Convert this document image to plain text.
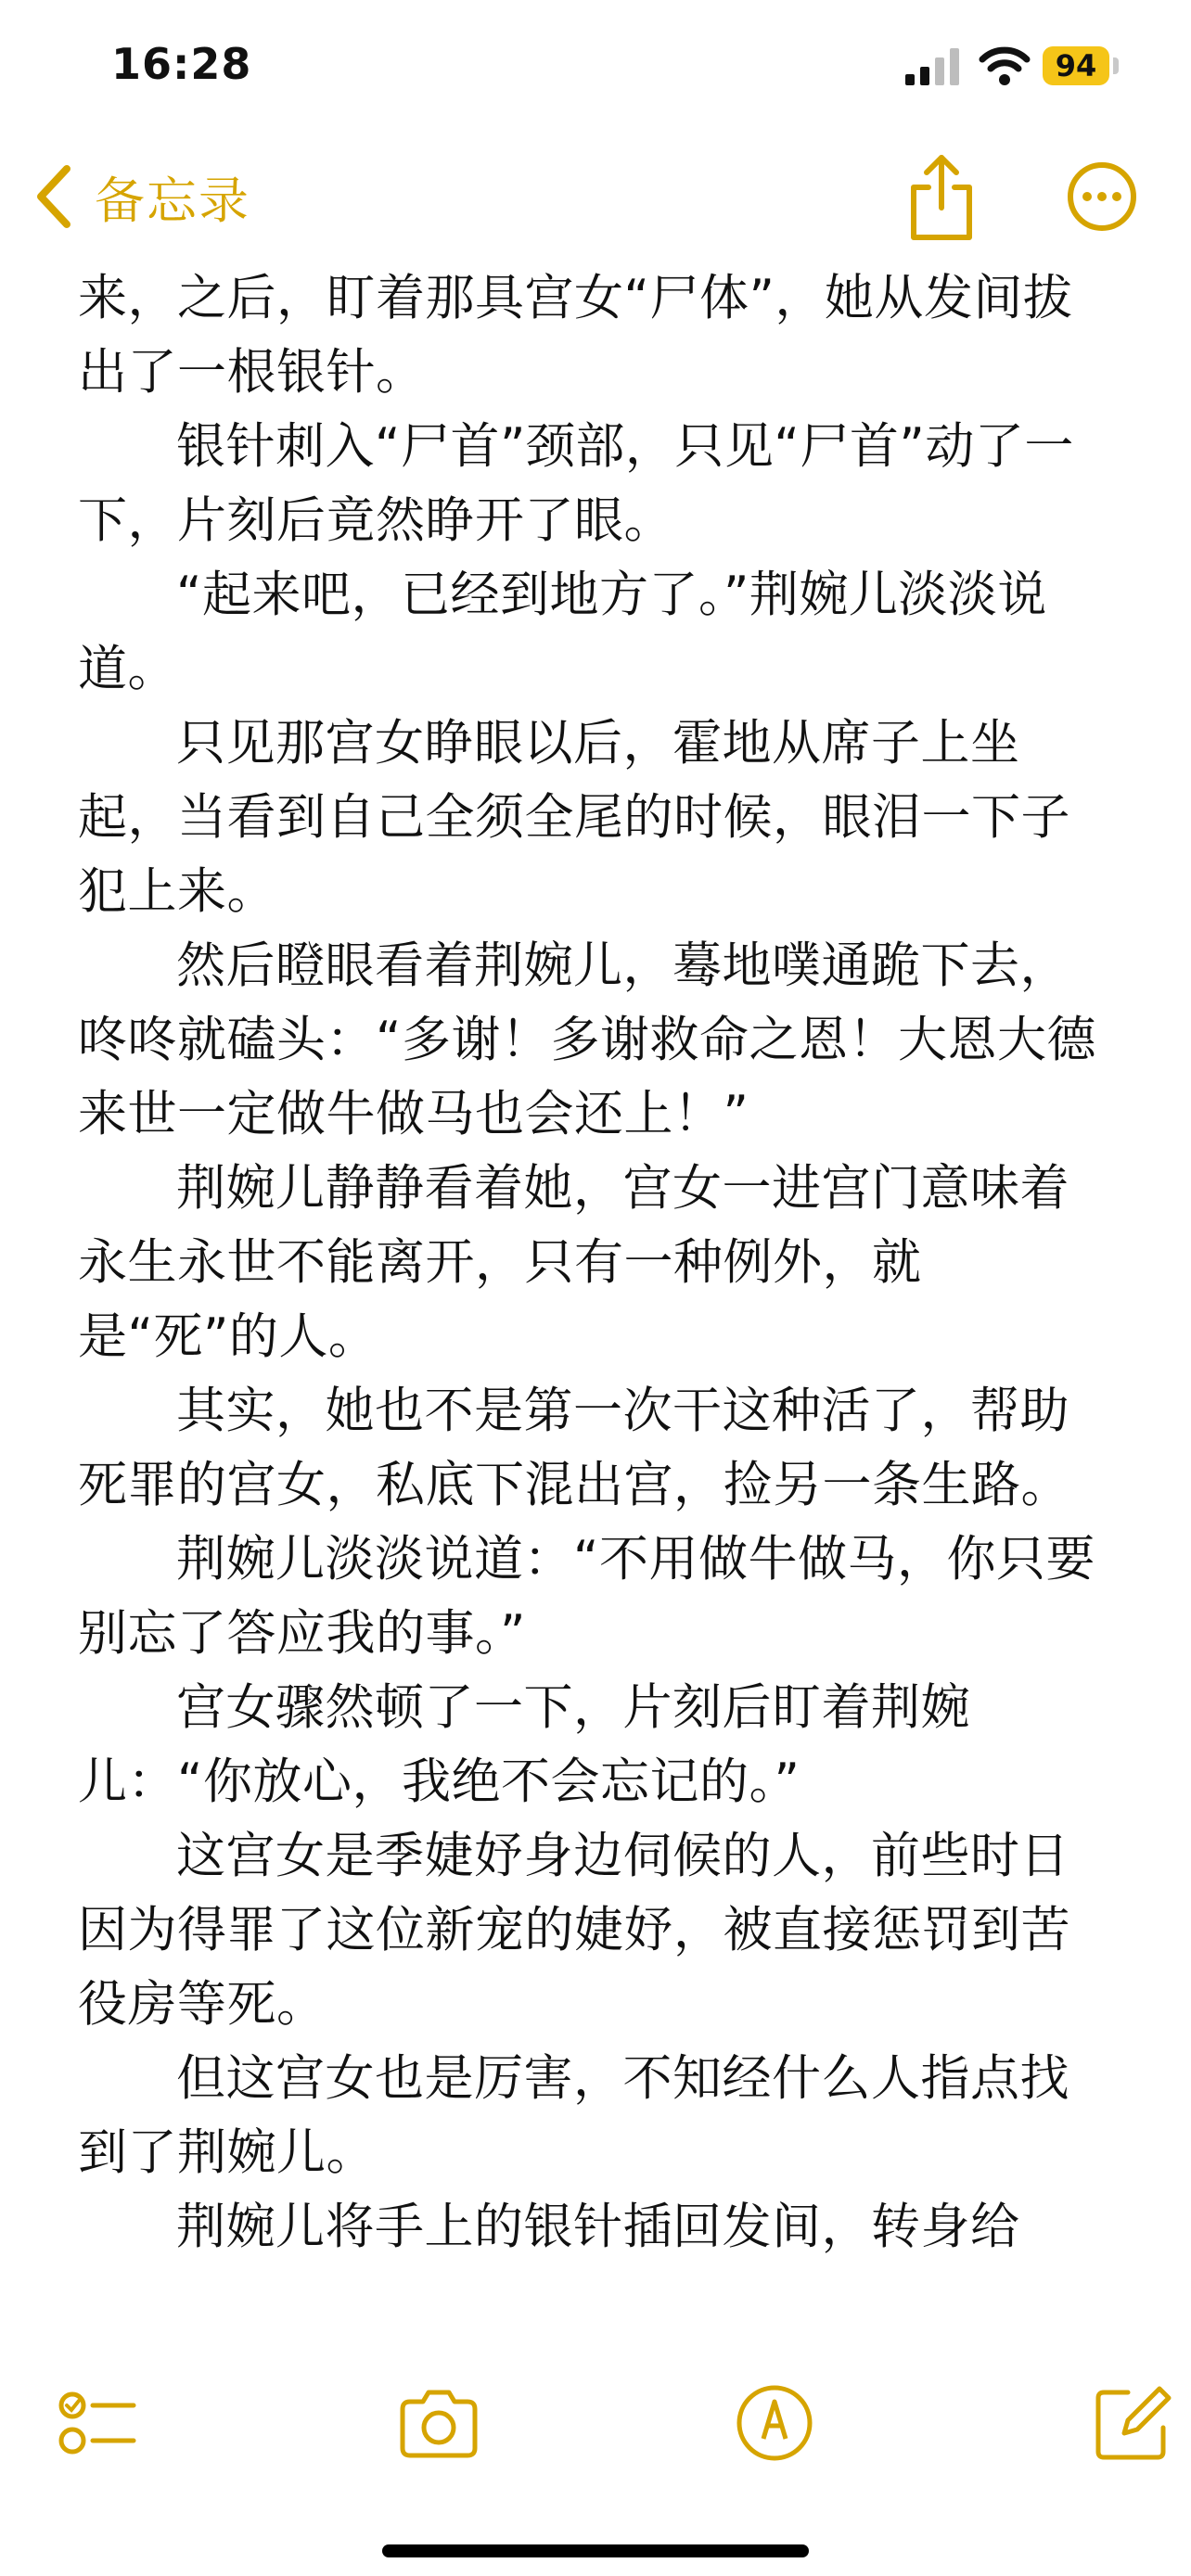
16:28	94
备忘录

来，之后，盯着那具宫女“尸体”，她从发间拔出了一根银针。

银针刺入“尸首”颈部，只见“尸首”动了一下，片刻后竟然睁开了眼。

“起来吧，已经到地方了。”荆婉儿淡淡说道。

只见那宫女睁眼以后，霍地从席子上坐起，当看到自己全须全尾的时候，眼泪一下子犯上来。

然后瞪眼看着荆婉儿，蓦地噗通跪下去，咚咚就磕头：“多谢！多谢救命之恩！大恩大德来世一定做牛做马也会还上！”

荆婉儿静静看着她，宫女一进宫门意味着永生永世不能离开，只有一种例外，就是“死”的人。

其实，她也不是第一次干这种活了，帮助死罪的宫女，私底下混出宫，捡另一条生路。

荆婉儿淡淡说道：“不用做牛做马，你只要别忘了答应我的事。”

宫女骤然顿了一下，片刻后盯着荆婉儿：“你放心，我绝不会忘记的。”

这宫女是季婕妤身边伺候的人，前些时日因为得罪了这位新宠的婕妤，被直接惩罚到苦役房等死。

但这宫女也是厉害，不知经什么人指点找到了荆婉儿。

荆婉儿将手上的银针插回发间，转身给
